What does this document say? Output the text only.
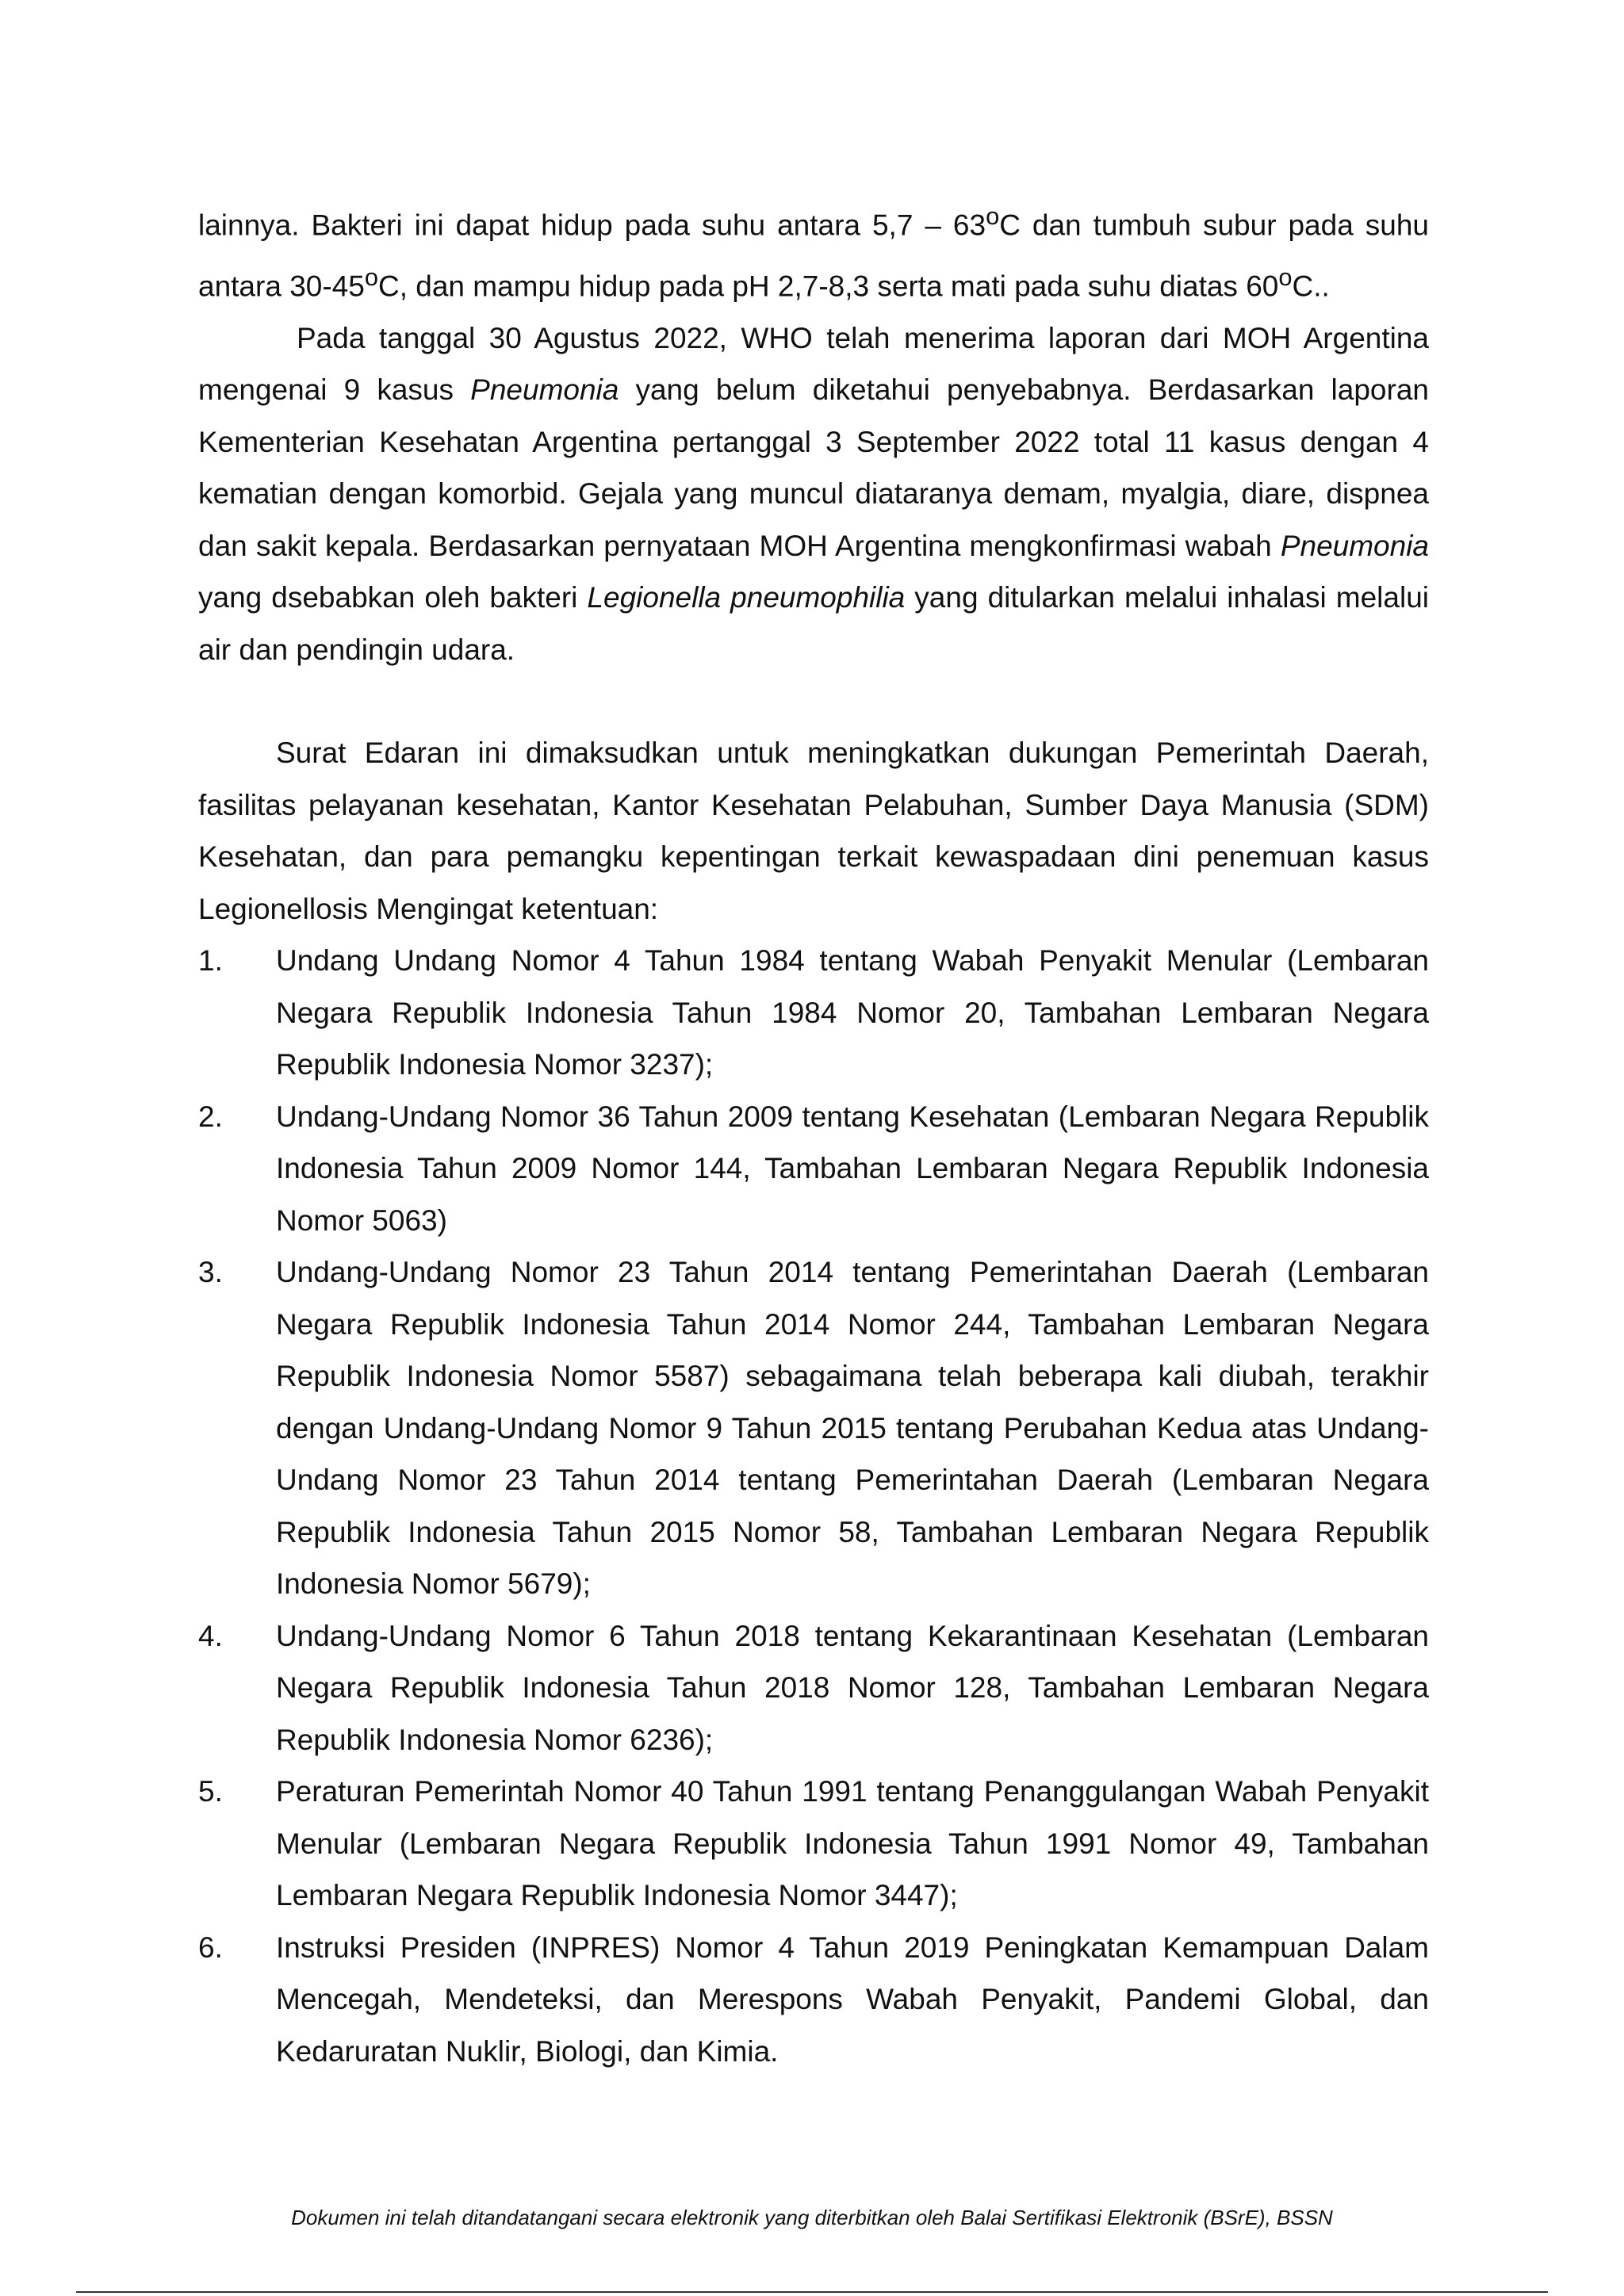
lainnya. Bakteri ini dapat hidup pada suhu antara 5,7 – 63$^o$C dan tumbuh subur pada suhu antara 30-45$^o$C, dan mampu hidup pada pH 2,7-8,3 serta mati pada suhu diatas 60$^o$C..

Pada tanggal 30 Agustus 2022, WHO telah menerima laporan dari MOH Argentina mengenai 9 kasus Pneumonia yang belum diketahui penyebabnya. Berdasarkan laporan Kementerian Kesehatan Argentina pertanggal 3 September 2022 total 11 kasus dengan 4 kematian dengan komorbid. Gejala yang muncul diataranya demam, myalgia, diare, dispnea dan sakit kepala. Berdasarkan pernyataan MOH Argentina mengkonfirmasi wabah Pneumonia yang dsebabkan oleh bakteri Legionella pneumophilia yang ditularkan melalui inhalasi melalui air dan pendingin udara.

Surat Edaran ini dimaksudkan untuk meningkatkan dukungan Pemerintah Daerah, fasilitas pelayanan kesehatan, Kantor Kesehatan Pelabuhan, Sumber Daya Manusia (SDM) Kesehatan, dan para pemangku kepentingan terkait kewaspadaan dini penemuan kasus Legionellosis Mengingat ketentuan:

1. Undang Undang Nomor 4 Tahun 1984 tentang Wabah Penyakit Menular (Lembaran Negara Republik Indonesia Tahun 1984 Nomor 20, Tambahan Lembaran Negara Republik Indonesia Nomor 3237);
2. Undang-Undang Nomor 36 Tahun 2009 tentang Kesehatan (Lembaran Negara Republik Indonesia Tahun 2009 Nomor 144, Tambahan Lembaran Negara Republik Indonesia Nomor 5063)
3. Undang-Undang Nomor 23 Tahun 2014 tentang Pemerintahan Daerah (Lembaran Negara Republik Indonesia Tahun 2014 Nomor 244, Tambahan Lembaran Negara Republik Indonesia Nomor 5587) sebagaimana telah beberapa kali diubah, terakhir dengan Undang-Undang Nomor 9 Tahun 2015 tentang Perubahan Kedua atas Undang-Undang Nomor 23 Tahun 2014 tentang Pemerintahan Daerah (Lembaran Negara Republik Indonesia Tahun 2015 Nomor 58, Tambahan Lembaran Negara Republik Indonesia Nomor 5679);
4. Undang-Undang Nomor 6 Tahun 2018 tentang Kekarantinaan Kesehatan (Lembaran Negara Republik Indonesia Tahun 2018 Nomor 128, Tambahan Lembaran Negara Republik Indonesia Nomor 6236);
5. Peraturan Pemerintah Nomor 40 Tahun 1991 tentang Penanggulangan Wabah Penyakit Menular (Lembaran Negara Republik Indonesia Tahun 1991 Nomor 49, Tambahan Lembaran Negara Republik Indonesia Nomor 3447);
6. Instruksi Presiden (INPRES) Nomor 4 Tahun 2019 Peningkatan Kemampuan Dalam Mencegah, Mendeteksi, dan Merespons Wabah Penyakit, Pandemi Global, dan Kedaruratan Nuklir, Biologi, dan Kimia.
Dokumen ini telah ditandatangani secara elektronik yang diterbitkan oleh Balai Sertifikasi Elektronik (BSrE), BSSN
